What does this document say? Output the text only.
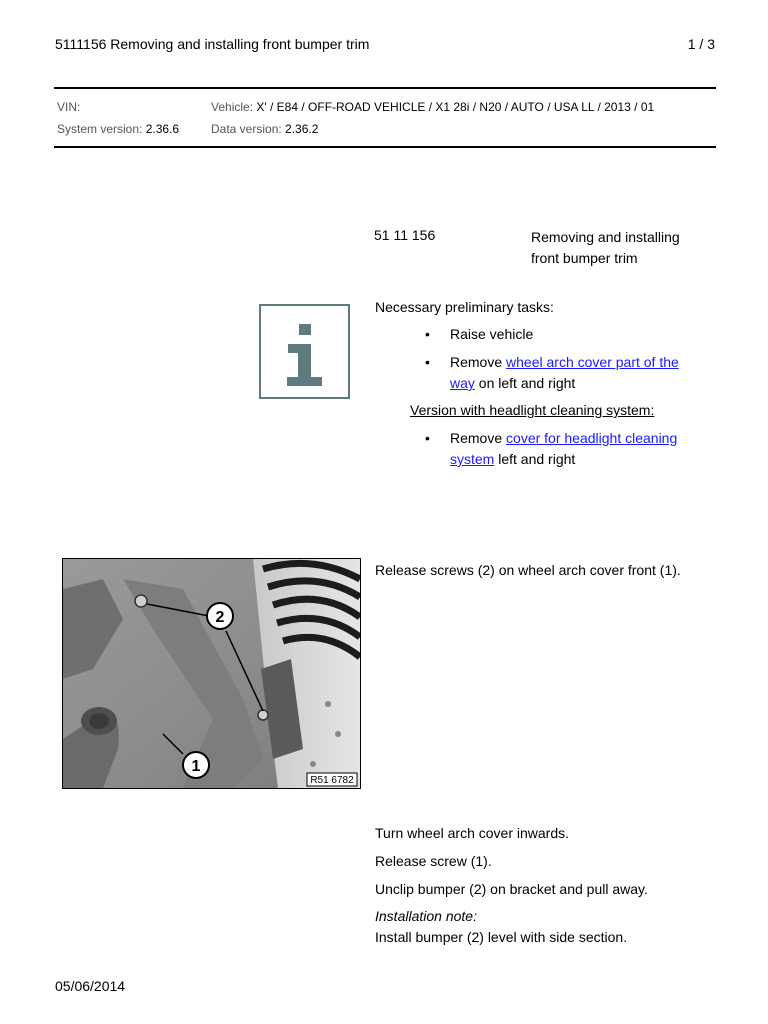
5111156 Removing and installing front bumper trim	1 / 3
VIN:	Vehicle: X' / E84 / OFF-ROAD VEHICLE / X1 28i / N20 / AUTO / USA LL / 2013 / 01
System version: 2.36.6	Data version: 2.36.2
51 11 156	Removing and installing front bumper trim
Necessary preliminary tasks:
• Raise vehicle
• Remove wheel arch cover part of the way on left and right
Version with headlight cleaning system:
• Remove cover for headlight cleaning system left and right
2
1
R51 6782
Release screws (2) on wheel arch cover front (1).
Turn wheel arch cover inwards.
Release screw (1).
Unclip bumper (2) on bracket and pull away.
Installation note:
Install bumper (2) level with side section.
05/06/2014
